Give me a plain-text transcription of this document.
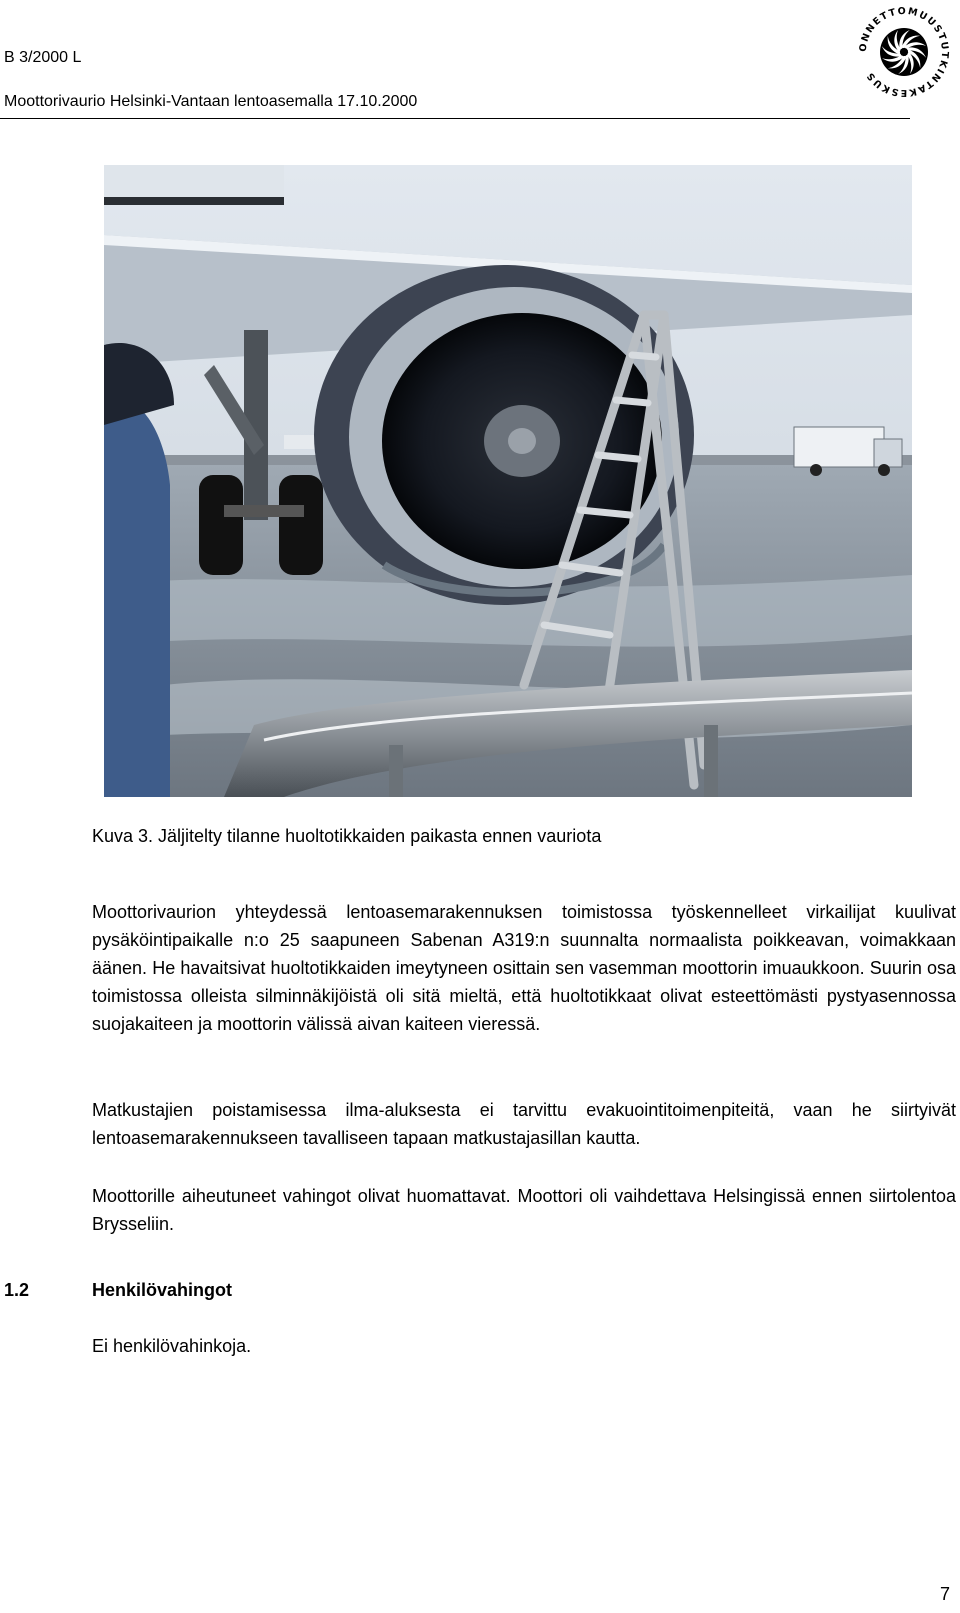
B 3/2000 L
Moottorivaurio Helsinki-Vantaan lentoasemalla 17.10.2000
ONNETTOMUUSTUTKINTAKESKUS
Kuva 3. Jäljitelty tilanne huoltotikkaiden paikasta ennen vauriota

Moottorivaurion yhteydessä lentoasemarakennuksen toimistossa työskennelleet virkailijat kuulivat pysäköintipaikalle n:o 25 saapuneen Sabenan A319:n suunnalta normaalista poikkeavan, voimakkaan äänen. He havaitsivat huoltotikkaiden imeytyneen osittain sen vasemman moottorin imuaukkoon. Suurin osa toimistossa olleista silminnäkijöistä oli sitä mieltä, että huoltotikkaat olivat esteettömästi pystyasennossa suojakaiteen ja moottorin välissä aivan kaiteen vieressä.

Matkustajien poistamisessa ilma-aluksesta ei tarvittu evakuointitoimenpiteitä, vaan he siirtyivät lentoasemarakennukseen tavalliseen tapaan matkustajasillan kautta.

Moottorille aiheutuneet vahingot olivat huomattavat. Moottori oli vaihdettava Helsingissä ennen siirtolentoa Brysseliin.

1.2	Henkilövahingot
Ei henkilövahinkoja.
7
